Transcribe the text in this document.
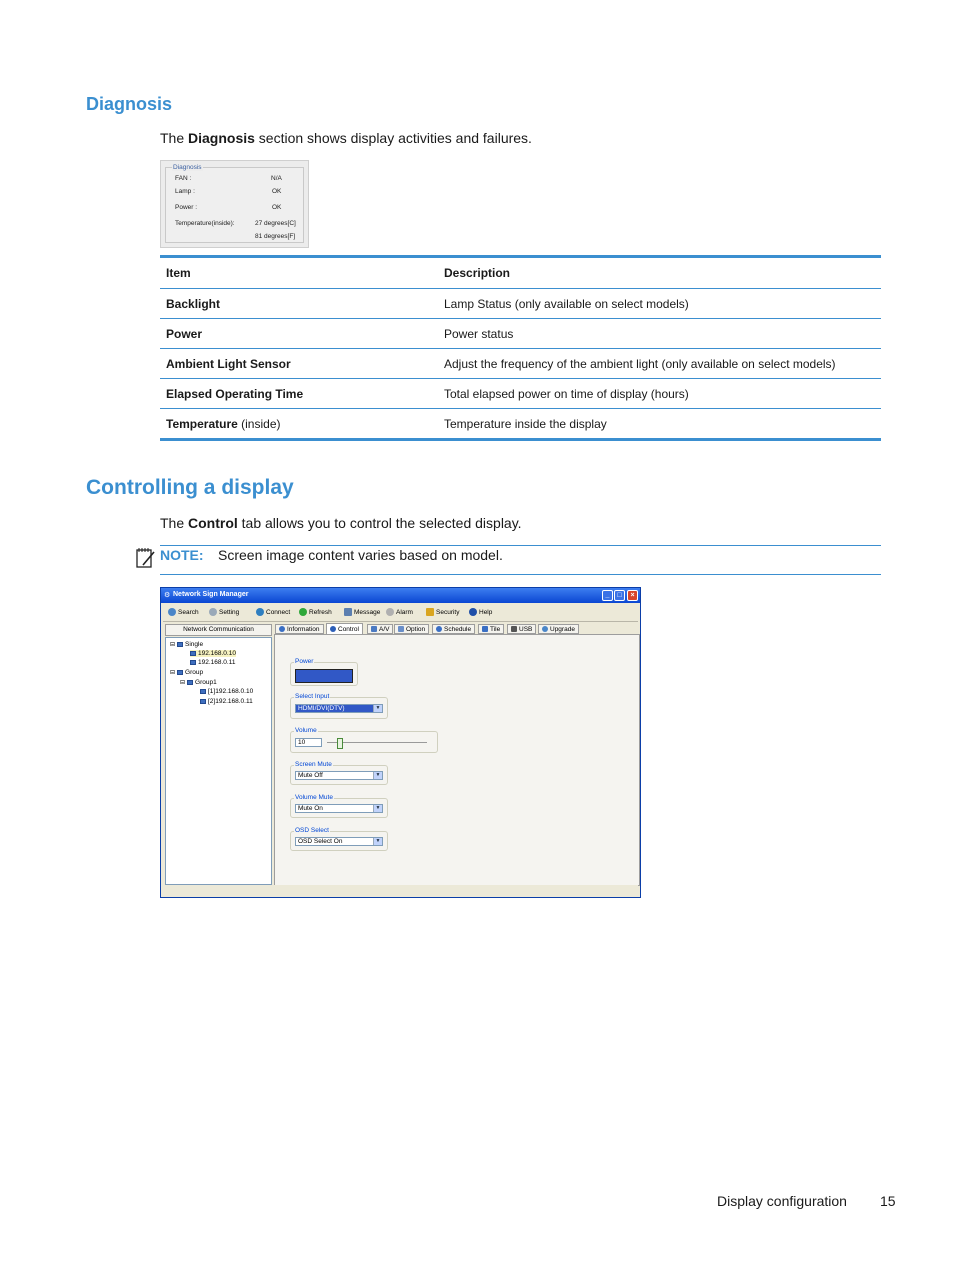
Diagnosis
The Diagnosis section shows display activities and failures.
Diagnosis
FAN :	N/A
Lamp :	OK
Power :	OK
Temperature(inside):	27 degrees[C]
81 degrees[F]
Item	Description
Backlight	Lamp Status (only available on select models)
Power	Power status
Ambient Light Sensor	Adjust the frequency of the ambient light (only available on select models)
Elapsed Operating Time	Total elapsed power on time of display (hours)
Temperature (inside)	Temperature inside the display
Controlling a display
The Control tab allows you to control the selected display.
NOTE: Screen image content varies based on model.
⚙ Network Sign Manager	_	□	×
Search	Setting	Connect	Refresh	Message Alarm	Security	Help
Network Communication
⊟ Single
192.168.0.10
192.168.0.11
⊟ Group
⊟ Group1
[1]192.168.0.10
[2]192.168.0.11
Information	Control	A/V	Option	Schedule	Tile	USB	Upgrade
Power
Select Input
HDMI/DVI(DTV)	▼
Volume
10
Screen Mute
Mute Off	▼
Volume Mute
Mute On	▼
OSD Select
OSD Select On	▼
Display configuration 15
